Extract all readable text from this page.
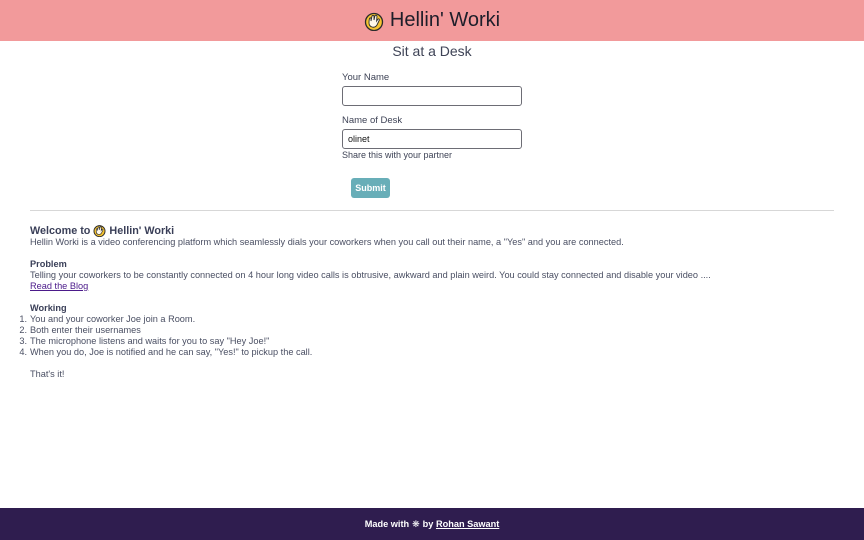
Hellin' Worki
Sit at a Desk
Your Name
Name of Desk
olinet
Share this with your partner
Submit
Welcome to Hellin' Worki

Hellin Worki is a video conferencing platform which seamlessly dials your coworkers when you call out their name, a "Yes" and you are connected.

Problem

Telling your coworkers to be constantly connected on 4 hour long video calls is obtrusive, awkward and plain weird. You could stay connected and disable your video ....

Read the Blog

Working

1. You and your coworker Joe join a Room.
2. Both enter their usernames
3. The microphone listens and waits for you to say "Hey Joe!"
4. When you do, Joe is notified and he can say, "Yes!" to pickup the call.

That's it!

Made with ❋ by
Rohan Sawant
